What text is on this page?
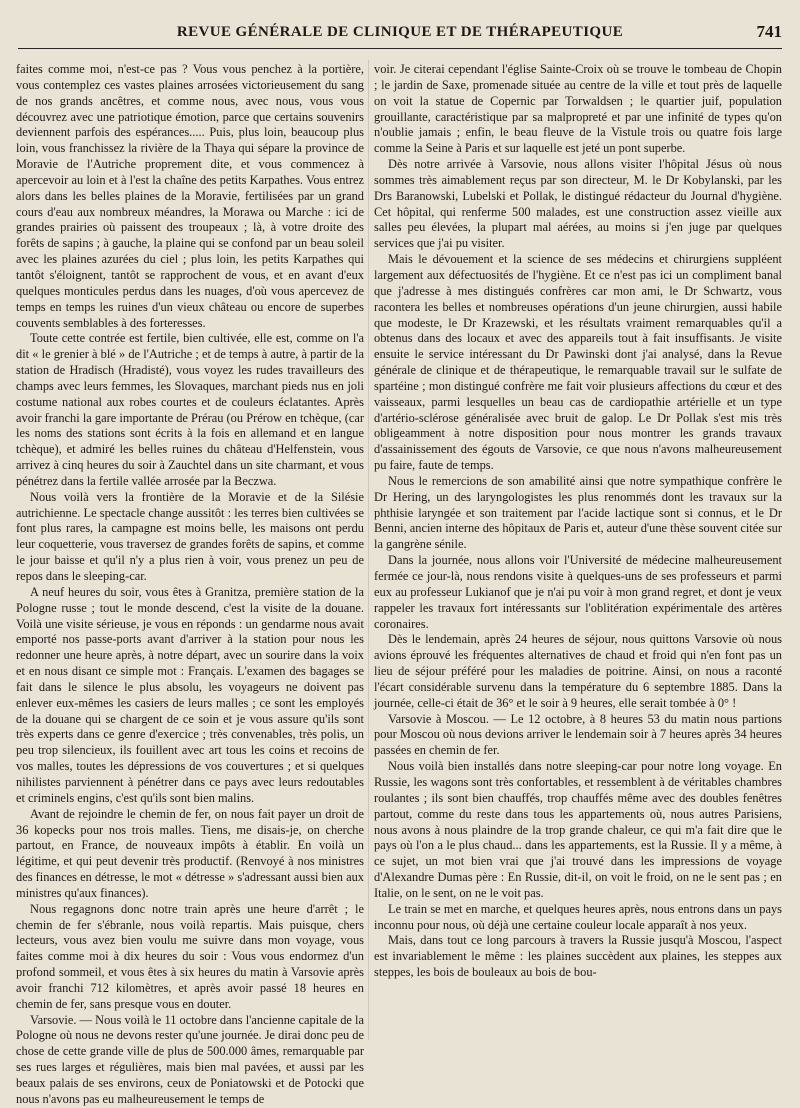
REVUE GÉNÉRALE DE CLINIQUE ET DE THÉRAPEUTIQUE	741

faites comme moi, n'est-ce pas ? Vous vous penchez à la portière, vous contemplez ces vastes plaines arrosées victorieusement du sang de nos grands ancêtres, et comme nous, avec nous, vous vous découvrez avec une patriotique émotion, parce que certains souvenirs deviennent parfois des espérances..... Puis, plus loin, beaucoup plus loin, vous franchissez la rivière de la Thaya qui sépare la province de Moravie de l'Autriche proprement dite, et vous commencez à apercevoir au loin et à l'est la chaîne des petits Karpathes. Vous entrez alors dans les belles plaines de la Moravie, fertilisées par un grand cours d'eau aux nombreux méandres, la Morawa ou Marche : ici de grandes prairies où paissent des troupeaux ; là, à votre droite des forêts de sapins ; à gauche, la plaine qui se confond par un beau soleil avec les plaines azurées du ciel ; plus loin, les petits Karpathes qui tantôt s'éloignent, tantôt se rapprochent de vous, et en avant d'eux quelques monticules perdus dans les nuages, d'où vous apercevez de temps en temps les ruines d'un vieux château ou encore de superbes couvents semblables à des forteresses.

Toute cette contrée est fertile, bien cultivée, elle est, comme on l'a dit « le grenier à blé » de l'Autriche ; et de temps à autre, à partir de la station de Hradisch (Hradisté), vous voyez les rudes travailleurs des champs avec leurs femmes, les Slovaques, marchant pieds nus en joli costume national aux robes courtes et de couleurs éclatantes. Après avoir franchi la gare importante de Prérau (ou Prérow en tchèque, (car les noms des stations sont écrits à la fois en allemand et en langue tchèque), et admiré les belles ruines du château d'Helfenstein, vous arrivez à cinq heures du soir à Zauchtel dans un site charmant, et vous pénétrez dans la fertile vallée arrosée par la Beczwa.

Nous voilà vers la frontière de la Moravie et de la Silésie autrichienne. Le spectacle change aussitôt : les terres bien cultivées se font plus rares, la campagne est moins belle, les maisons ont perdu leur coquetterie, vous traversez de grandes forêts de sapins, et comme le jour baisse et qu'il n'y a plus rien à voir, vous prenez un peu de repos dans le sleeping-car.

A neuf heures du soir, vous êtes à Granitza, première station de la Pologne russe ; tout le monde descend, c'est la visite de la douane. Voilà une visite sérieuse, je vous en réponds : un gendarme nous avait emporté nos passe-ports avant d'arriver à la station pour nous les redonner une heure après, à notre départ, avec un sourire dans la voix et en nous disant ce simple mot : Français. L'examen des bagages se fait dans le silence le plus absolu, les voyageurs ne doivent pas enlever eux-mêmes les casiers de leurs malles ; ce sont les employés de la douane qui se chargent de ce soin et je vous assure qu'ils sont très experts dans ce genre d'exercice ; très convenables, très polis, un peu trop silencieux, ils fouillent avec art tous les coins et recoins de vos malles, toutes les dépressions de vos couvertures ; et si quelques nihilistes parviennent à pénétrer dans ce pays avec leurs redoutables et criminels engins, c'est qu'ils sont bien malins.

Avant de rejoindre le chemin de fer, on nous fait payer un droit de 36 kopecks pour nos trois malles. Tiens, me disais-je, on cherche partout, en France, de nouveaux impôts à établir. En voilà un légitime, et qui peut devenir très productif. (Renvoyé à nos ministres des finances en détresse, le mot « détresse » s'adressant aussi bien aux ministres qu'aux finances).

Nous regagnons donc notre train après une heure d'arrêt ; le chemin de fer s'ébranle, nous voilà repartis. Mais puisque, chers lecteurs, vous avez bien voulu me suivre dans mon voyage, vous faites comme moi à dix heures du soir : Vous vous endormez d'un profond sommeil, et vous êtes à six heures du matin à Varsovie après avoir franchi 712 kilomètres, et après avoir passé 18 heures en chemin de fer, sans presque vous en douter.

Varsovie. — Nous voilà le 11 octobre dans l'ancienne capitale de la Pologne où nous ne devons rester qu'une journée. Je dirai donc peu de chose de cette grande ville de plus de 500.000 âmes, remarquable par ses rues larges et régulières, mais bien mal pavées, et aussi par les beaux palais de ses environs, ceux de Poniatowski et de Potocki que nous n'avons pas eu malheureusement le temps de

voir. Je citerai cependant l'église Sainte-Croix où se trouve le tombeau de Chopin ; le jardin de Saxe, promenade située au centre de la ville et tout près de laquelle on voit la statue de Copernic par Torwaldsen ; le quartier juif, population grouillante, caractéristique par sa malpropreté et par une infinité de types qu'on n'oublie jamais ; enfin, le beau fleuve de la Vistule trois ou quatre fois large comme la Seine à Paris et sur laquelle est jeté un pont superbe.

Dès notre arrivée à Varsovie, nous allons visiter l'hôpital Jésus où nous sommes très aimablement reçus par son directeur, M. le Dr Kobylanski, par les Drs Baranowski, Lubelski et Pollak, le distingué rédacteur du Journal d'hygiène. Cet hôpital, qui renferme 500 malades, est une construction assez vieille aux salles peu élevées, la plupart mal aérées, au moins si j'en juge par quelques services que j'ai pu visiter.

Mais le dévouement et la science de ses médecins et chirurgiens suppléent largement aux défectuosités de l'hygiène. Et ce n'est pas ici un compliment banal que j'adresse à mes distingués confrères car mon ami, le Dr Schwartz, vous racontera les belles et nombreuses opérations d'un jeune chirurgien, aussi habile que modeste, le Dr Krazewski, et les résultats vraiment remarquables qu'il a obtenus dans des locaux et avec des appareils tout à fait insuffisants. Je visite ensuite le service intéressant du Dr Pawinski dont j'ai analysé, dans la Revue générale de clinique et de thérapeutique, le remarquable travail sur le sulfate de spartéine ; mon distingué confrère me fait voir plusieurs affections du cœur et des vaisseaux, parmi lesquelles un beau cas de cardiopathie artérielle et un type d'artério-sclérose généralisée avec bruit de galop. Le Dr Pollak s'est mis très obligeamment à notre disposition pour nous montrer les grands travaux d'assainissement des égouts de Varsovie, ce que nous n'avons malheureusement pu faire, faute de temps.

Nous le remercions de son amabilité ainsi que notre sympathique confrère le Dr Hering, un des laryngologistes les plus renommés dont les travaux sur la phthisie laryngée et son traitement par l'acide lactique sont si connus, et le Dr Benni, ancien interne des hôpitaux de Paris et, auteur d'une thèse souvent citée sur la gangrène sénile.

Dans la journée, nous allons voir l'Université de médecine malheureusement fermée ce jour-là, nous rendons visite à quelques-uns de ses professeurs et parmi eux au professeur Lukianof que je n'ai pu voir à mon grand regret, et dont je veux rappeler les travaux fort intéressants sur l'oblitération expérimentale des artères coronaires.

Dès le lendemain, après 24 heures de séjour, nous quittons Varsovie où nous avions éprouvé les fréquentes alternatives de chaud et froid qui n'en font pas un lieu de séjour préféré pour les maladies de poitrine. Ainsi, on nous a raconté l'écart considérable survenu dans la température du 6 septembre 1885. Dans la journée, celle-ci était de 36° et le soir à 9 heures, elle serait tombée à 0° !

Varsovie à Moscou. — Le 12 octobre, à 8 heures 53 du matin nous partions pour Moscou où nous devions arriver le lendemain soir à 7 heures après 34 heures passées en chemin de fer.

Nous voilà bien installés dans notre sleeping-car pour notre long voyage. En Russie, les wagons sont très confortables, et ressemblent à de véritables chambres roulantes ; ils sont bien chauffés, trop chauffés même avec des doubles fenêtres partout, comme du reste dans tous les appartements où, nous autres Parisiens, nous avons à nous plaindre de la trop grande chaleur, ce qui m'a fait dire que le pays où l'on a le plus chaud... dans les appartements, est la Russie. Il y a même, à ce sujet, un mot bien vrai que j'ai trouvé dans les impressions de voyage d'Alexandre Dumas père : En Russie, dit-il, on voit le froid, on ne le sent pas ; en Italie, on le sent, on ne le voit pas.

Le train se met en marche, et quelques heures après, nous entrons dans un pays inconnu pour nous, où déjà une certaine couleur locale apparaît à nos yeux.

Mais, dans tout ce long parcours à travers la Russie jusqu'à Moscou, l'aspect est invariablement le même : les plaines succèdent aux plaines, les steppes aux steppes, les bois de bouleaux au bois de bou-
